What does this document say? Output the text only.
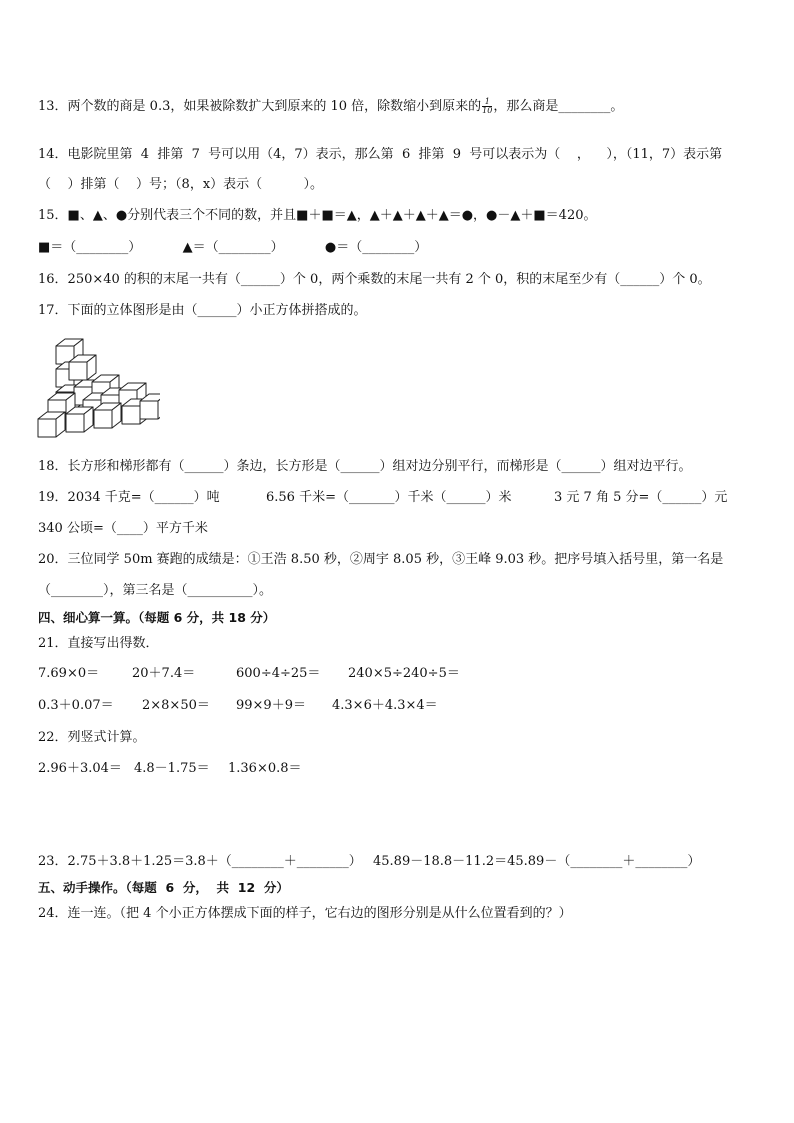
13．两个数的商是 0.3，如果被除数扩大到原来的 10 倍，除数缩小到原来的 $\frac{1}{10}$ ，那么商是________。
14．电影院里第  4  排第  7  号可以用（4，7）表示，那么第  6  排第  9  号可以表示为（    ，    ），（11，7）表示第
（    ）排第（    ）号；（8，x）表示（          ）。
15．■、▲、●分别代表三个不同的数，并且■＋■＝▲，▲＋▲＋▲＋▲＝●，●－▲＋■＝420。
■＝（________）          ▲＝（________）          ●＝（________）
16．250×40 的积的末尾一共有（______）个 0，两个乘数的末尾一共有 2 个 0，积的末尾至少有（______）个 0。
17．下面的立体图形是由（______）小正方体拼搭成的。
18．长方形和梯形都有（______）条边，长方形是（______）组对边分别平行，而梯形是（______）组对边平行。
19．2034 千克=（______）吨	6.56 千米=（_______）千米（______）米	3 元 7 角 5 分=（______）元
340 公顷=（____）平方千米
20．三位同学 50m 赛跑的成绩是：①王浩 8.50 秒，②周宇 8.05 秒，③王峰 9.03 秒。把序号填入括号里，第一名是
（________），第三名是（__________）。
四、细心算一算。（每题 6 分，共 18 分）
21．直接写出得数．
7.69×0＝	20＋7.4＝	600÷4÷25＝ 240×5÷240÷5＝
0.3＋0.07＝ 2×8×50＝ 99×9＋9＝ 4.3×6＋4.3×4＝
22．列竖式计算。
2.96＋3.04＝ 4.8－1.75＝ 1.36×0.8＝
23．2.75＋3.8＋1.25＝3.8＋（________＋________） 45.89－18.8－11.2＝45.89－（________＋________）
五、动手操作。（每题  6  分，  共  12  分）
24．连一连。（把 4 个小正方体摆成下面的样子，它右边的图形分别是从什么位置看到的？）
